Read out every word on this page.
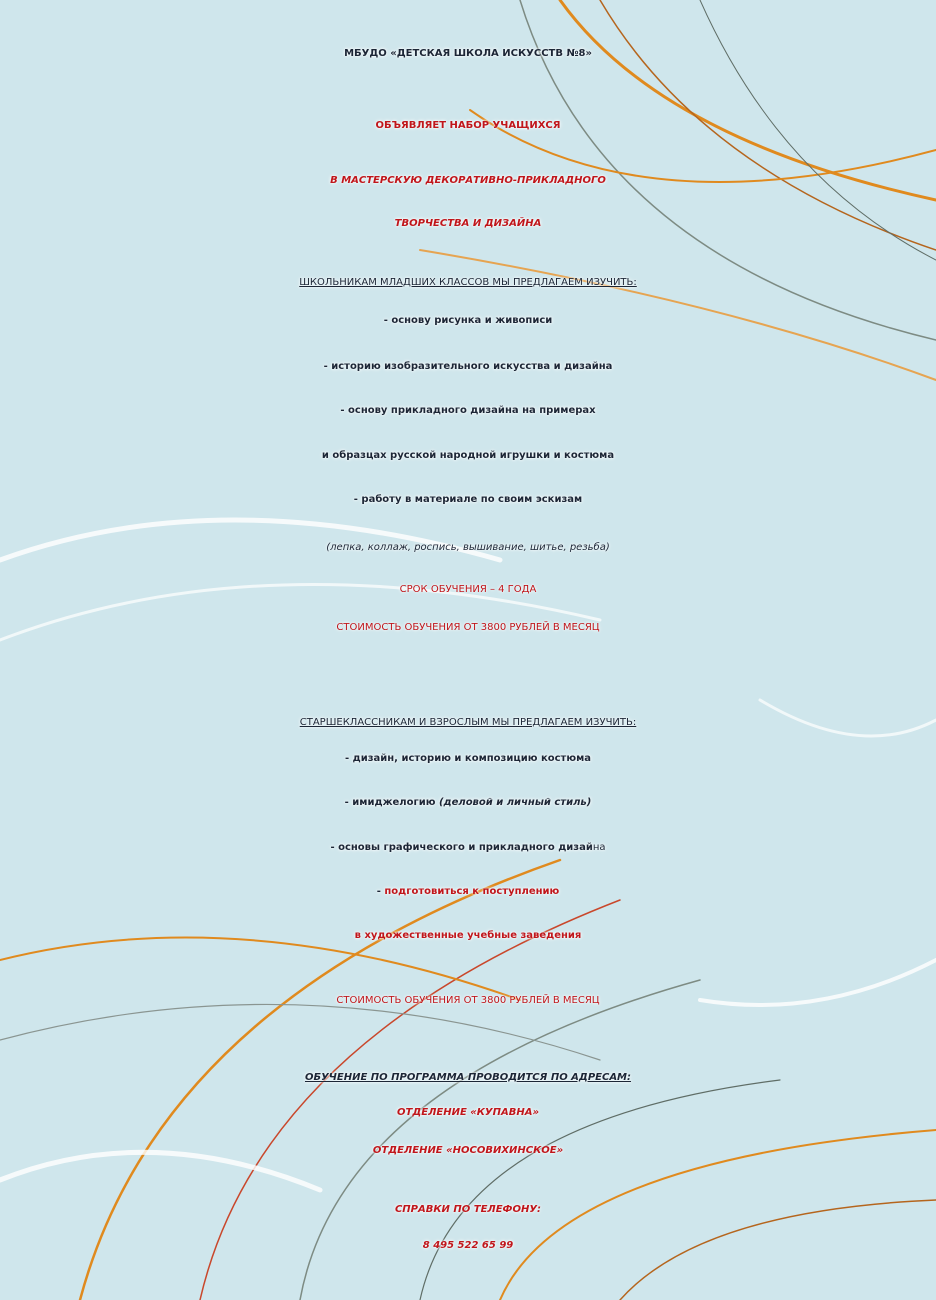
МБУДО «ДЕТСКАЯ ШКОЛА ИСКУССТВ №8»
ОБЪЯВЛЯЕТ НАБОР УЧАЩИХСЯ
В МАСТЕРСКУЮ ДЕКОРАТИВНО-ПРИКЛАДНОГО
ТВОРЧЕСТВА И ДИЗАЙНА
ШКОЛЬНИКАМ МЛАДШИХ КЛАССОВ МЫ ПРЕДЛАГАЕМ ИЗУЧИТЬ:
- основу рисунка и живописи
- историю изобразительного искусства и дизайна
- основу прикладного дизайна на примерах
и образцах русской народной игрушки и костюма
- работу в материале по своим эскизам
(лепка, коллаж, роспись, вышивание, шитье, резьба)
СРОК ОБУЧЕНИЯ – 4 ГОДА
СТОИМОСТЬ ОБУЧЕНИЯ ОТ 3800 РУБЛЕЙ В МЕСЯЦ
СТАРШЕКЛАССНИКАМ И ВЗРОСЛЫМ МЫ ПРЕДЛАГАЕМ ИЗУЧИТЬ:
- дизайн, историю и композицию костюма
- имиджелогию (деловой и личный стиль)
- основы графического и прикладного дизайна
- подготовиться к поступлению
в художественные учебные заведения
СТОИМОСТЬ ОБУЧЕНИЯ ОТ 3800 РУБЛЕЙ В МЕСЯЦ
ОБУЧЕНИЕ ПО ПРОГРАММА ПРОВОДИТСЯ ПО АДРЕСАМ:
ОТДЕЛЕНИЕ «КУПАВНА»
ОТДЕЛЕНИЕ «НОСОВИХИНСКОЕ»
СПРАВКИ ПО ТЕЛЕФОНУ:
8 495 522 65 99
